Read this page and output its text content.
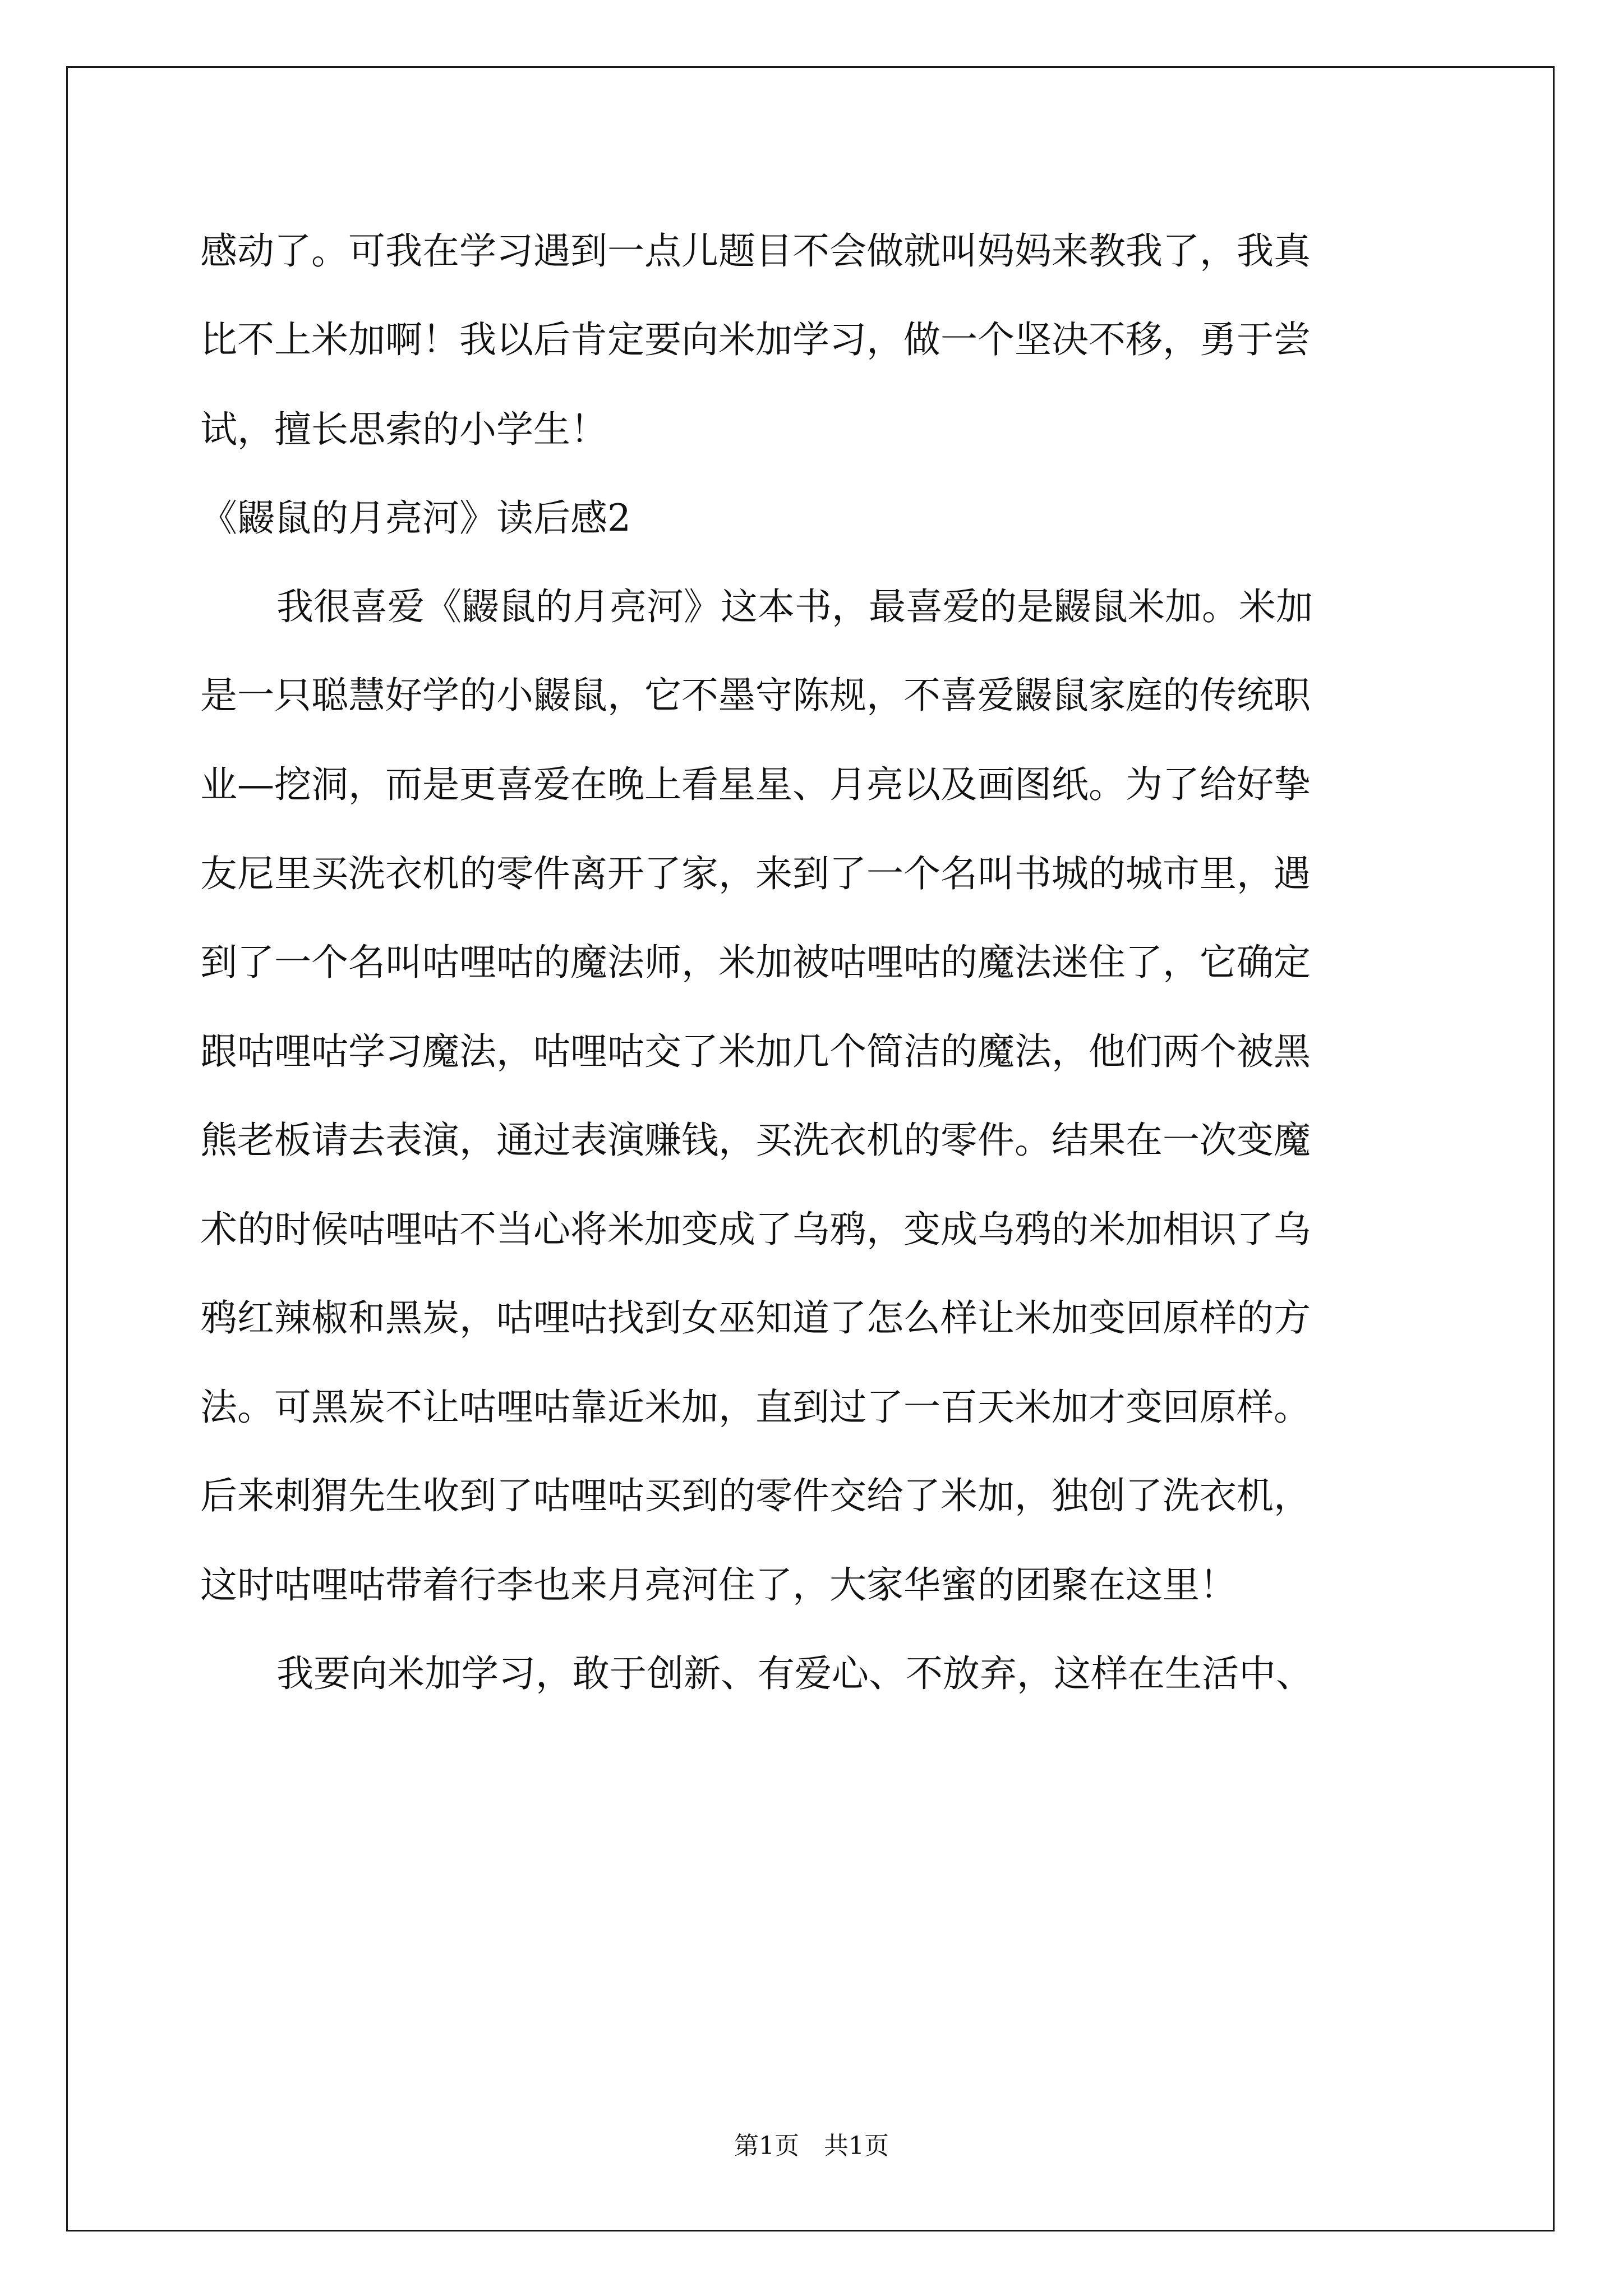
感动了。可我在学习遇到一点儿题目不会做就叫妈妈来教我了，我真
比不上米加啊！我以后肯定要向米加学习，做一个坚决不移，勇于尝
试，擅长思索的小学生！
《鼹鼠的月亮河》读后感2
我很喜爱《鼹鼠的月亮河》这本书，最喜爱的是鼹鼠米加。米加
是一只聪慧好学的小鼹鼠，它不墨守陈规，不喜爱鼹鼠家庭的传统职
业—挖洞，而是更喜爱在晚上看星星、月亮以及画图纸。为了给好挚
友尼里买洗衣机的零件离开了家，来到了一个名叫书城的城市里，遇
到了一个名叫咕哩咕的魔法师，米加被咕哩咕的魔法迷住了，它确定
跟咕哩咕学习魔法，咕哩咕交了米加几个简洁的魔法，他们两个被黑
熊老板请去表演，通过表演赚钱，买洗衣机的零件。结果在一次变魔
术的时候咕哩咕不当心将米加变成了乌鸦，变成乌鸦的米加相识了乌
鸦红辣椒和黑炭，咕哩咕找到女巫知道了怎么样让米加变回原样的方
法。可黑炭不让咕哩咕靠近米加，直到过了一百天米加才变回原样。
后来刺猬先生收到了咕哩咕买到的零件交给了米加，独创了洗衣机，
这时咕哩咕带着行李也来月亮河住了，大家华蜜的团聚在这里！
我要向米加学习，敢于创新、有爱心、不放弃，这样在生活中、
第1页　共1页
